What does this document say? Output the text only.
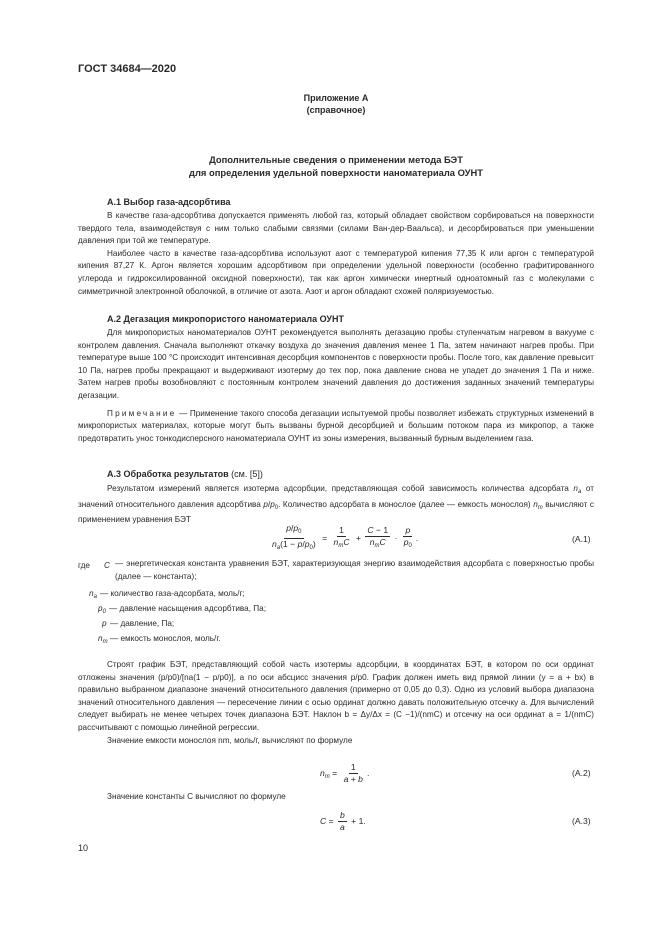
ГОСТ 34684—2020
Приложение А
(справочное)
Дополнительные сведения о применении метода БЭТ
для определения удельной поверхности наноматериала ОУНТ
А.1 Выбор газа-адсорбтива

В качестве газа-адсорбтива допускается применять любой газ, который обладает свойством сорбироваться на поверхности твердого тела, взаимодействуя с ним только слабыми связями (силами Ван-дер-Ваальса), и десорбироваться при уменьшении давления при той же температуре.

Наиболее часто в качестве газа-адсорбтива используют азот с температурой кипения 77,35 К или аргон с температурой кипения 87,27 К. Аргон является хорошим адсорбтивом при определении удельной поверхности (особенно графитированного углерода и гидроксилированной оксидной поверхности), так как аргон химически инертный одноатомный газ с молекулами с симметричной электронной оболочкой, в отличие от азота. Азот и аргон обладают схожей поляризуемостью.

А.2 Дегазация микропористого наноматериала ОУНТ

Для микропористых наноматериалов ОУНТ рекомендуется выполнять дегазацию пробы ступенчатым нагревом в вакууме с контролем давления. Сначала выполняют откачку воздуха до значения давления менее 1 Па, затем начинают нагрев пробы. При температуре выше 100 °С происходит интенсивная десорбция компонентов с поверхности пробы. После того, как давление превысит 10 Па, нагрев пробы прекращают и выдерживают изотерму до тех пор, пока давление снова не упадет до значения 1 Па и ниже. Затем нагрев пробы возобновляют с постоянным контролем значений давления до достижения заданных значений температуры дегазации.

Примечание — Применение такого способа дегазации испытуемой пробы позволяет избежать структурных изменений в микропористых материалах, которые могут быть вызваны бурной десорбцией и большим потоком пара из микропор, а также предотвратить унос тонкодисперсного наноматериала ОУНТ из зоны измерения, вызванный бурным выделением газа.

А.3 Обработка результатов (см. [5])

Результатом измерений является изотерма адсорбции, представляющая собой зависимость количества адсорбата $n_a$ от значений относительного давления адсорбтива $p/p_0$. Количество адсорбата в монослое (далее — емкость монослоя) $n_m$ вычисляют с применением уравнения БЭТ

$\frac{p/p_0}{n_a(1 - p/p_0)} = \frac{1}{n_mC} + \frac{C - 1}{n_mC} \cdot \frac{p}{p_0}$ .	(А.1)
где C — энергетическая константа уравнения БЭТ, характеризующая энергию взаимодействия адсорбата с поверхностью пробы (далее — константа);
$n_a$ — количество газа-адсорбата, моль/г;
$p_0$ — давление насыщения адсорбтива, Па;
p — давление, Па;
$n_m$ — емкость монослоя, моль/г.

Строят график БЭТ, представляющий собой часть изотермы адсорбции, в координатах БЭТ, в котором по оси ординат отложены значения (p/p0)/[na(1 − p/p0)], а по оси абсцисс значения p/p0. График должен иметь вид прямой линии (y = a + bx) в правильно выбранном диапазоне значений относительного давления (примерно от 0,05 до 0,3). Одно из условий выбора диапазона значений относительного давления — пересечение линии с осью ординат должно давать положительную отсечку a. Для вычислений следует выбирать не менее четырех точек диапазона БЭТ. Наклон b = Δy/Δx = (C −1)/(nmC) и отсечку на оси ординат a = 1/(nmC) рассчитывают с помощью линейной регрессии.

Значение емкости монослоя nm, моль/г, вычисляют по формуле

$n_m = \frac{1}{a + b}$ .	(А.2)

Значение константы C вычисляют по формуле

$C = \frac{b}{a} + 1$.	(А.3)
10
